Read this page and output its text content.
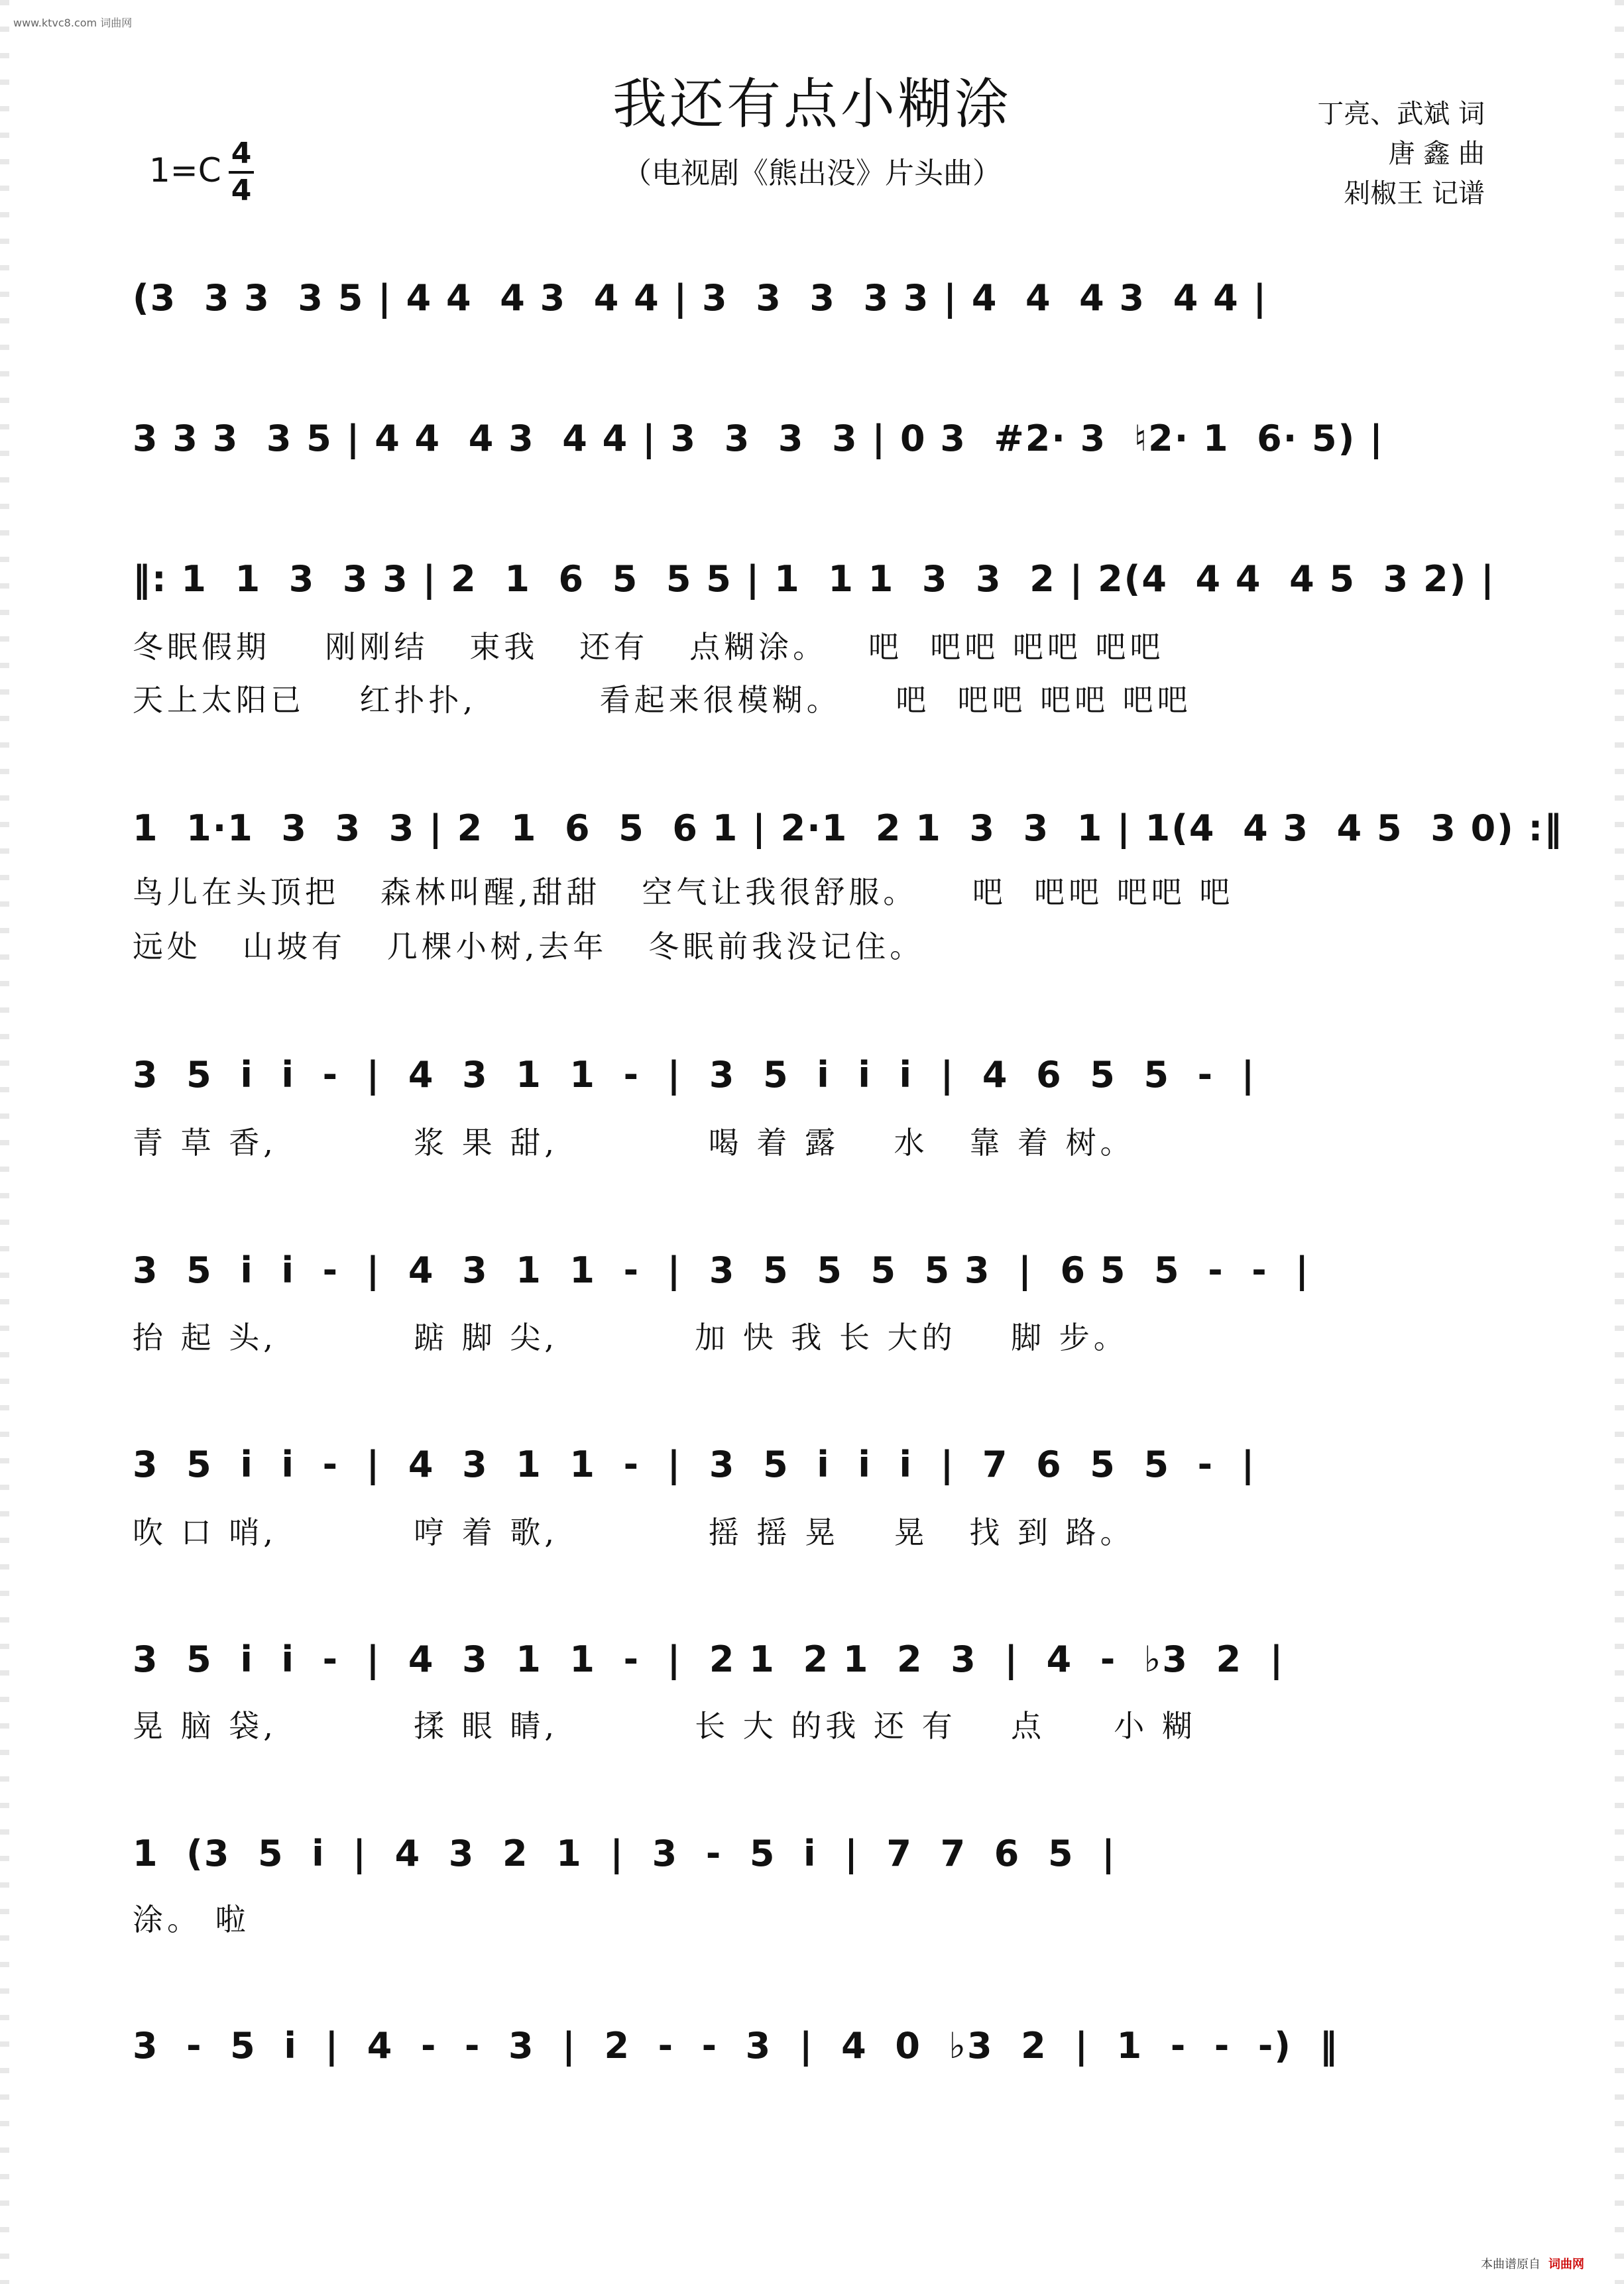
www.ktvc8.com 词曲网
我还有点小糊涂
（电视剧《熊出没》片头曲）
丁亮、武斌 词
唐 鑫 曲
剁椒王 记谱
1=C 4
4
(3  3 3  3 5 | 4 4  4 3  4 4 | 3  3  3  3 3 | 4  4  4 3  4 4 |
3 3 3  3 5 | 4 4  4 3  4 4 | 3  3  3  3 | 0 3  #2· 3  ♮2· 1  6· 5) |
‖: 1  1  3  3 3 | 2  1  6  5  5 5 | 1  1 1  3  3  2 | 2(4  4 4  4 5  3 2) |
冬眠假期    刚刚结   束我   还有   点糊涂。   吧  吧吧 吧吧 吧吧
天上太阳已    红扑扑,         看起来很模糊。    吧  吧吧 吧吧 吧吧
1  1·1  3  3  3 | 2  1  6  5  6 1 | 2·1  2 1  3  3  1 | 1(4  4 3  4 5  3 0) :‖
鸟儿在头顶把   森林叫醒,甜甜   空气让我很舒服。    吧  吧吧 吧吧 吧
远处   山坡有   几棵小树,去年   冬眠前我没记住。
3  5  i  i  -  |  4  3  1  1  -  |  3  5  i  i  i  |  4  6  5  5  -  |
青 草 香,          浆 果 甜,           喝 着 露    水   靠 着 树。
3  5  i  i  -  |  4  3  1  1  -  |  3  5  5  5  5 3  |  6 5  5  -  -  |
抬 起 头,          踮 脚 尖,          加 快 我 长 大的    脚 步。
3  5  i  i  -  |  4  3  1  1  -  |  3  5  i  i  i  |  7  6  5  5  -  |
吹 口 哨,          哼 着 歌,           摇 摇 晃    晃   找 到 路。
3  5  i  i  -  |  4  3  1  1  -  |  2 1  2 1  2  3  |  4  -  ♭3  2  |
晃 脑 袋,          揉 眼 睛,          长 大 的我 还 有    点     小 糊
1  (3  5  i  |  4  3  2  1  |  3  -  5  i  |  7  7  6  5  |
涂。 啦
3  -  5  i  |  4  -  -  3  |  2  -  -  3  |  4  0  ♭3  2  |  1  -  -  -)  ‖
本曲谱原自 词曲网
